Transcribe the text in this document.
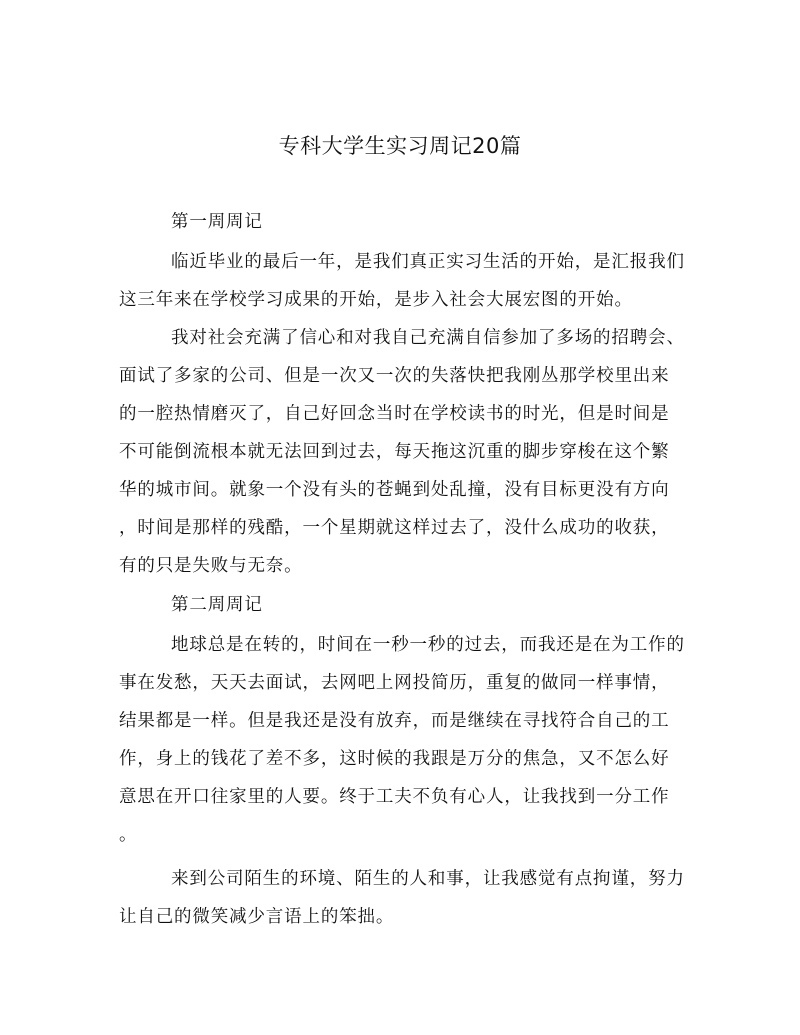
专科大学生实习周记20篇
第一周周记
临近毕业的最后一年，是我们真正实习生活的开始，是汇报我们
这三年来在学校学习成果的开始，是步入社会大展宏图的开始。
我对社会充满了信心和对我自己充满自信参加了多场的招聘会、
面试了多家的公司、但是一次又一次的失落快把我刚丛那学校里出来
的一腔热情磨灭了，自己好回念当时在学校读书的时光，但是时间是
不可能倒流根本就无法回到过去，每天拖这沉重的脚步穿梭在这个繁
华的城市间。就象一个没有头的苍蝇到处乱撞，没有目标更没有方向
，时间是那样的残酷，一个星期就这样过去了，没什么成功的收获，
有的只是失败与无奈。
第二周周记
地球总是在转的，时间在一秒一秒的过去，而我还是在为工作的
事在发愁，天天去面试，去网吧上网投简历，重复的做同一样事情，
结果都是一样。但是我还是没有放弃，而是继续在寻找符合自己的工
作，身上的钱花了差不多，这时候的我跟是万分的焦急，又不怎么好
意思在开口往家里的人要。终于工夫不负有心人，让我找到一分工作
。
来到公司陌生的环境、陌生的人和事，让我感觉有点拘谨，努力
让自己的微笑减少言语上的笨拙。
